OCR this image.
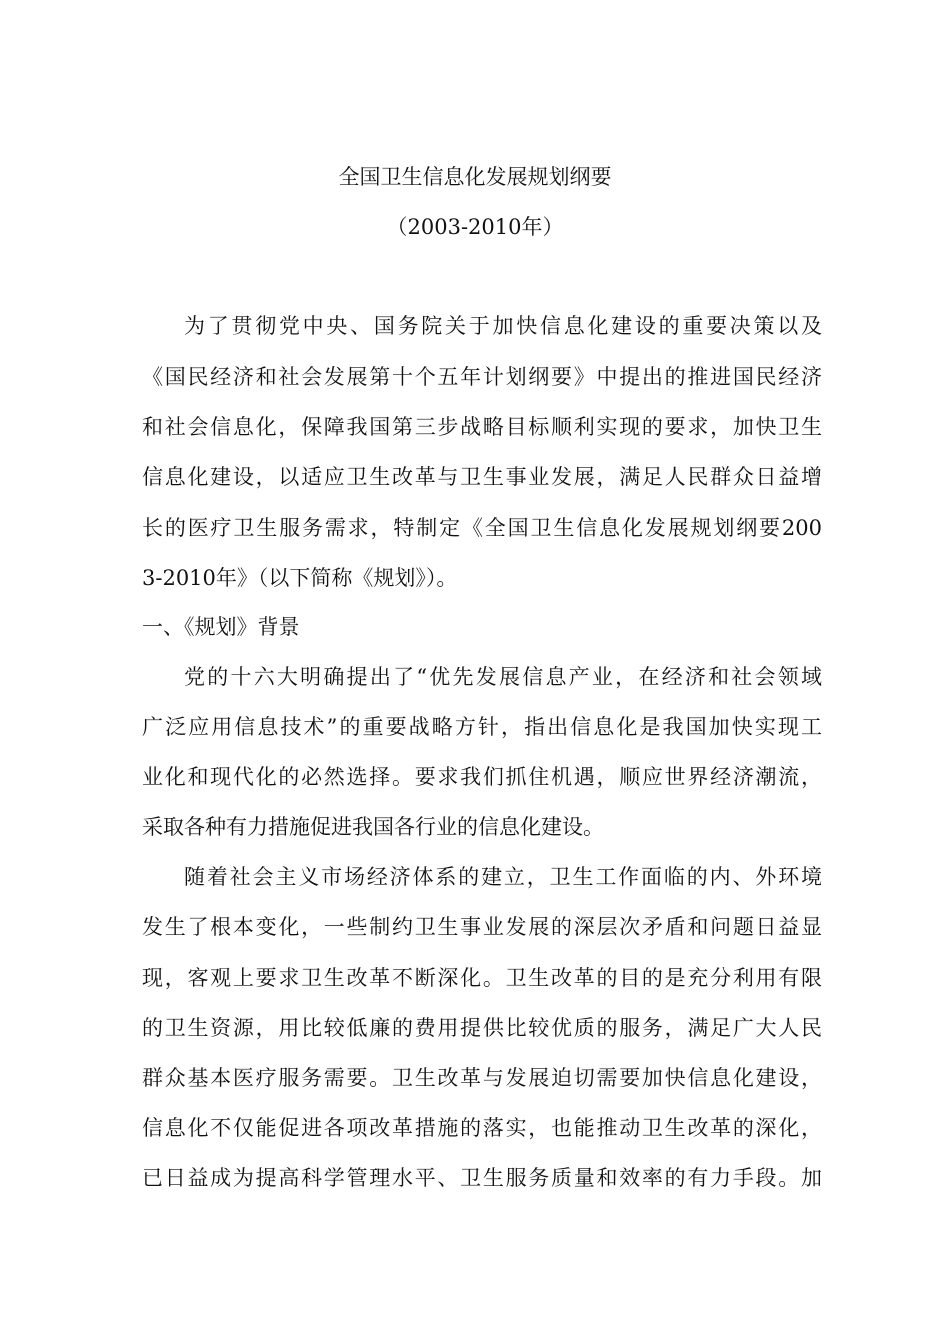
全国卫生信息化发展规划纲要
（2003-2010年）
为了贯彻党中央、国务院关于加快信息化建设的重要决策以及
《国民经济和社会发展第十个五年计划纲要》中提出的推进国民经济
和社会信息化，保障我国第三步战略目标顺利实现的要求，加快卫生
信息化建设，以适应卫生改革与卫生事业发展，满足人民群众日益增
长的医疗卫生服务需求，特制定《全国卫生信息化发展规划纲要200
3-2010年》（以下简称《规划》）。
一、《规划》背景
党的十六大明确提出了“优先发展信息产业，在经济和社会领域
广泛应用信息技术”的重要战略方针，指出信息化是我国加快实现工
业化和现代化的必然选择。要求我们抓住机遇，顺应世界经济潮流，
采取各种有力措施促进我国各行业的信息化建设。
随着社会主义市场经济体系的建立，卫生工作面临的内、外环境
发生了根本变化，一些制约卫生事业发展的深层次矛盾和问题日益显
现，客观上要求卫生改革不断深化。卫生改革的目的是充分利用有限
的卫生资源，用比较低廉的费用提供比较优质的服务，满足广大人民
群众基本医疗服务需要。卫生改革与发展迫切需要加快信息化建设，
信息化不仅能促进各项改革措施的落实，也能推动卫生改革的深化，
已日益成为提高科学管理水平、卫生服务质量和效率的有力手段。加
